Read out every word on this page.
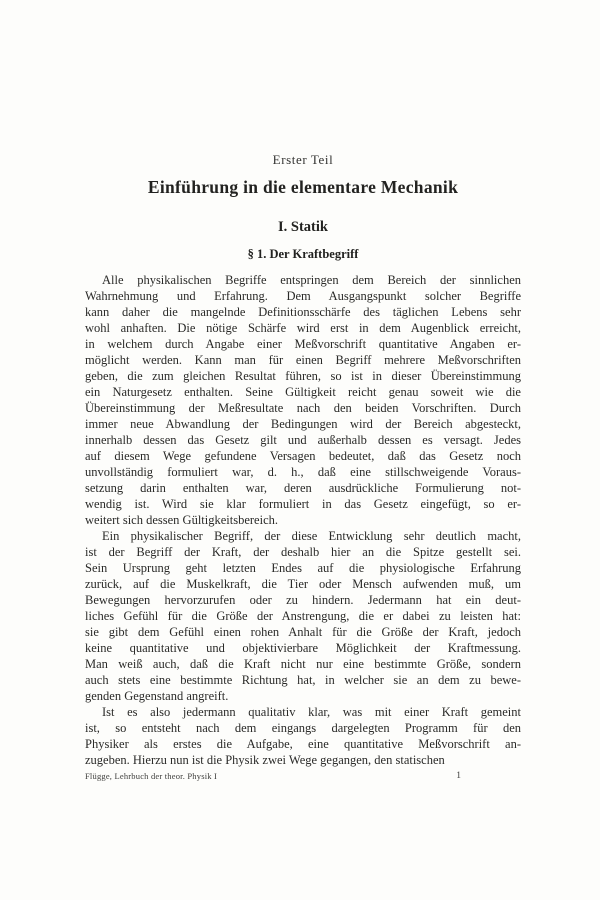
Erster Teil
Einführung in die elementare Mechanik
I. Statik
§ 1. Der Kraftbegriff
Alle physikalischen Begriffe entspringen dem Bereich der sinnlichen
Wahrnehmung und Erfahrung. Dem Ausgangspunkt solcher Begriffe
kann daher die mangelnde Definitionsschärfe des täglichen Lebens sehr
wohl anhaften. Die nötige Schärfe wird erst in dem Augenblick erreicht,
in welchem durch Angabe einer Meßvorschrift quantitative Angaben er-
möglicht werden. Kann man für einen Begriff mehrere Meßvorschriften
geben, die zum gleichen Resultat führen, so ist in dieser Übereinstimmung
ein Naturgesetz enthalten. Seine Gültigkeit reicht genau soweit wie die
Übereinstimmung der Meßresultate nach den beiden Vorschriften. Durch
immer neue Abwandlung der Bedingungen wird der Bereich abgesteckt,
innerhalb dessen das Gesetz gilt und außerhalb dessen es versagt. Jedes
auf diesem Wege gefundene Versagen bedeutet, daß das Gesetz noch
unvollständig formuliert war, d. h., daß eine stillschweigende Voraus-
setzung darin enthalten war, deren ausdrückliche Formulierung not-
wendig ist. Wird sie klar formuliert in das Gesetz eingefügt, so er-
weitert sich dessen Gültigkeitsbereich.
Ein physikalischer Begriff, der diese Entwicklung sehr deutlich macht,
ist der Begriff der Kraft, der deshalb hier an die Spitze gestellt sei.
Sein Ursprung geht letzten Endes auf die physiologische Erfahrung
zurück, auf die Muskelkraft, die Tier oder Mensch aufwenden muß, um
Bewegungen hervorzurufen oder zu hindern. Jedermann hat ein deut-
liches Gefühl für die Größe der Anstrengung, die er dabei zu leisten hat:
sie gibt dem Gefühl einen rohen Anhalt für die Größe der Kraft, jedoch
keine quantitative und objektivierbare Möglichkeit der Kraftmessung.
Man weiß auch, daß die Kraft nicht nur eine bestimmte Größe, sondern
auch stets eine bestimmte Richtung hat, in welcher sie an dem zu bewe-
genden Gegenstand angreift.
Ist es also jedermann qualitativ klar, was mit einer Kraft gemeint
ist, so entsteht nach dem eingangs dargelegten Programm für den
Physiker als erstes die Aufgabe, eine quantitative Meßvorschrift an-
zugeben. Hierzu nun ist die Physik zwei Wege gegangen, den statischen
Flügge, Lehrbuch der theor. Physik I	1
